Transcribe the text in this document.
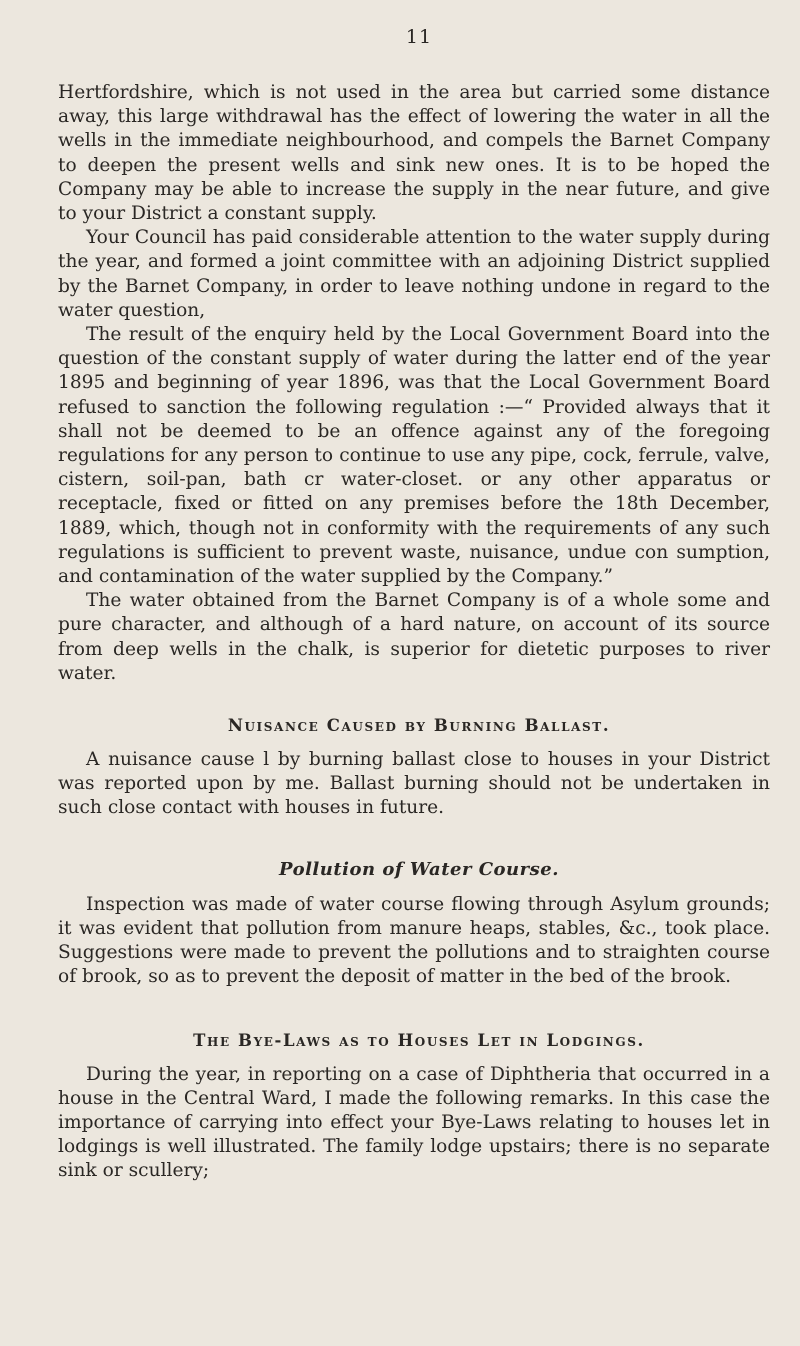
11

Hertfordshire, which is not used in the area but carried some distance away, this large withdrawal has the effect of lowering the water in all the wells in the immediate neighbourhood, and compels the Barnet Company to deepen the present wells and sink new ones. It is to be hoped the Company may be able to increase the supply in the near future, and give to your District a constant supply.

Your Council has paid considerable attention to the water supply during the year, and formed a joint committee with an adjoining District supplied by the Barnet Company, in order to leave nothing undone in regard to the water question,

The result of the enquiry held by the Local Government Board into the question of the constant supply of water during the latter end of the year 1895 and beginning of year 1896, was that the Local Government Board refused to sanction the following regulation :—“ Provided always that it shall not be deemed to be an offence against any of the foregoing regulations for any person to continue to use any pipe, cock, ferrule, valve, cistern, soil-pan, bath cr water-closet. or any other apparatus or receptacle, fixed or fitted on any premises before the 18th December, 1889, which, though not in conformity with the requirements of any such regulations is sufficient to prevent waste, nuisance, undue con sumption, and contamination of the water supplied by the Company.”

The water obtained from the Barnet Company is of a whole some and pure character, and although of a hard nature, on account of its source from deep wells in the chalk, is superior for dietetic purposes to river water.

Nuisance Caused by Burning Ballast.

A nuisance cause l by burning ballast close to houses in your District was reported upon by me. Ballast burning should not be undertaken in such close contact with houses in future.

Pollution of Water Course.

Inspection was made of water course flowing through Asylum grounds; it was evident that pollution from manure heaps, stables, &c., took place. Suggestions were made to prevent the pollutions and to straighten course of brook, so as to prevent the deposit of matter in the bed of the brook.

The Bye-Laws as to Houses Let in Lodgings.

During the year, in reporting on a case of Diphtheria that occurred in a house in the Central Ward, I made the following remarks. In this case the importance of carrying into effect your Bye-Laws relating to houses let in lodgings is well illustrated. The family lodge upstairs; there is no separate sink or scullery;
